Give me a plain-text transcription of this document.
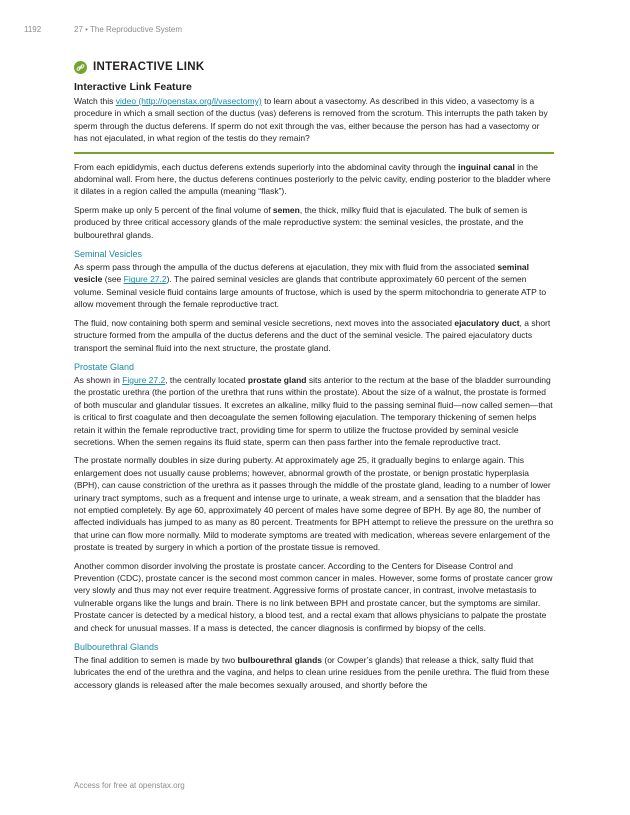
1192	27 • The Reproductive System
INTERACTIVE LINK
Interactive Link Feature

Watch this video (http://openstax.org/l/vasectomy) to learn about a vasectomy. As described in this video, a vasectomy is a procedure in which a small section of the ductus (vas) deferens is removed from the scrotum. This interrupts the path taken by sperm through the ductus deferens. If sperm do not exit through the vas, either because the person has had a vasectomy or has not ejaculated, in what region of the testis do they remain?

From each epididymis, each ductus deferens extends superiorly into the abdominal cavity through the inguinal canal in the abdominal wall. From here, the ductus deferens continues posteriorly to the pelvic cavity, ending posterior to the bladder where it dilates in a region called the ampulla (meaning “flask”).

Sperm make up only 5 percent of the final volume of semen, the thick, milky fluid that is ejaculated. The bulk of semen is produced by three critical accessory glands of the male reproductive system: the seminal vesicles, the prostate, and the bulbourethral glands.

Seminal Vesicles

As sperm pass through the ampulla of the ductus deferens at ejaculation, they mix with fluid from the associated seminal vesicle (see Figure 27.2). The paired seminal vesicles are glands that contribute approximately 60 percent of the semen volume. Seminal vesicle fluid contains large amounts of fructose, which is used by the sperm mitochondria to generate ATP to allow movement through the female reproductive tract.

The fluid, now containing both sperm and seminal vesicle secretions, next moves into the associated ejaculatory duct, a short structure formed from the ampulla of the ductus deferens and the duct of the seminal vesicle. The paired ejaculatory ducts transport the seminal fluid into the next structure, the prostate gland.

Prostate Gland

As shown in Figure 27.2, the centrally located prostate gland sits anterior to the rectum at the base of the bladder surrounding the prostatic urethra (the portion of the urethra that runs within the prostate). About the size of a walnut, the prostate is formed of both muscular and glandular tissues. It excretes an alkaline, milky fluid to the passing seminal fluid—now called semen—that is critical to first coagulate and then decoagulate the semen following ejaculation. The temporary thickening of semen helps retain it within the female reproductive tract, providing time for sperm to utilize the fructose provided by seminal vesicle secretions. When the semen regains its fluid state, sperm can then pass farther into the female reproductive tract.

The prostate normally doubles in size during puberty. At approximately age 25, it gradually begins to enlarge again. This enlargement does not usually cause problems; however, abnormal growth of the prostate, or benign prostatic hyperplasia (BPH), can cause constriction of the urethra as it passes through the middle of the prostate gland, leading to a number of lower urinary tract symptoms, such as a frequent and intense urge to urinate, a weak stream, and a sensation that the bladder has not emptied completely. By age 60, approximately 40 percent of males have some degree of BPH. By age 80, the number of affected individuals has jumped to as many as 80 percent. Treatments for BPH attempt to relieve the pressure on the urethra so that urine can flow more normally. Mild to moderate symptoms are treated with medication, whereas severe enlargement of the prostate is treated by surgery in which a portion of the prostate tissue is removed.

Another common disorder involving the prostate is prostate cancer. According to the Centers for Disease Control and Prevention (CDC), prostate cancer is the second most common cancer in males. However, some forms of prostate cancer grow very slowly and thus may not ever require treatment. Aggressive forms of prostate cancer, in contrast, involve metastasis to vulnerable organs like the lungs and brain. There is no link between BPH and prostate cancer, but the symptoms are similar. Prostate cancer is detected by a medical history, a blood test, and a rectal exam that allows physicians to palpate the prostate and check for unusual masses. If a mass is detected, the cancer diagnosis is confirmed by biopsy of the cells.

Bulbourethral Glands

The final addition to semen is made by two bulbourethral glands (or Cowper’s glands) that release a thick, salty fluid that lubricates the end of the urethra and the vagina, and helps to clean urine residues from the penile urethra. The fluid from these accessory glands is released after the male becomes sexually aroused, and shortly before the

Access for free at openstax.org
